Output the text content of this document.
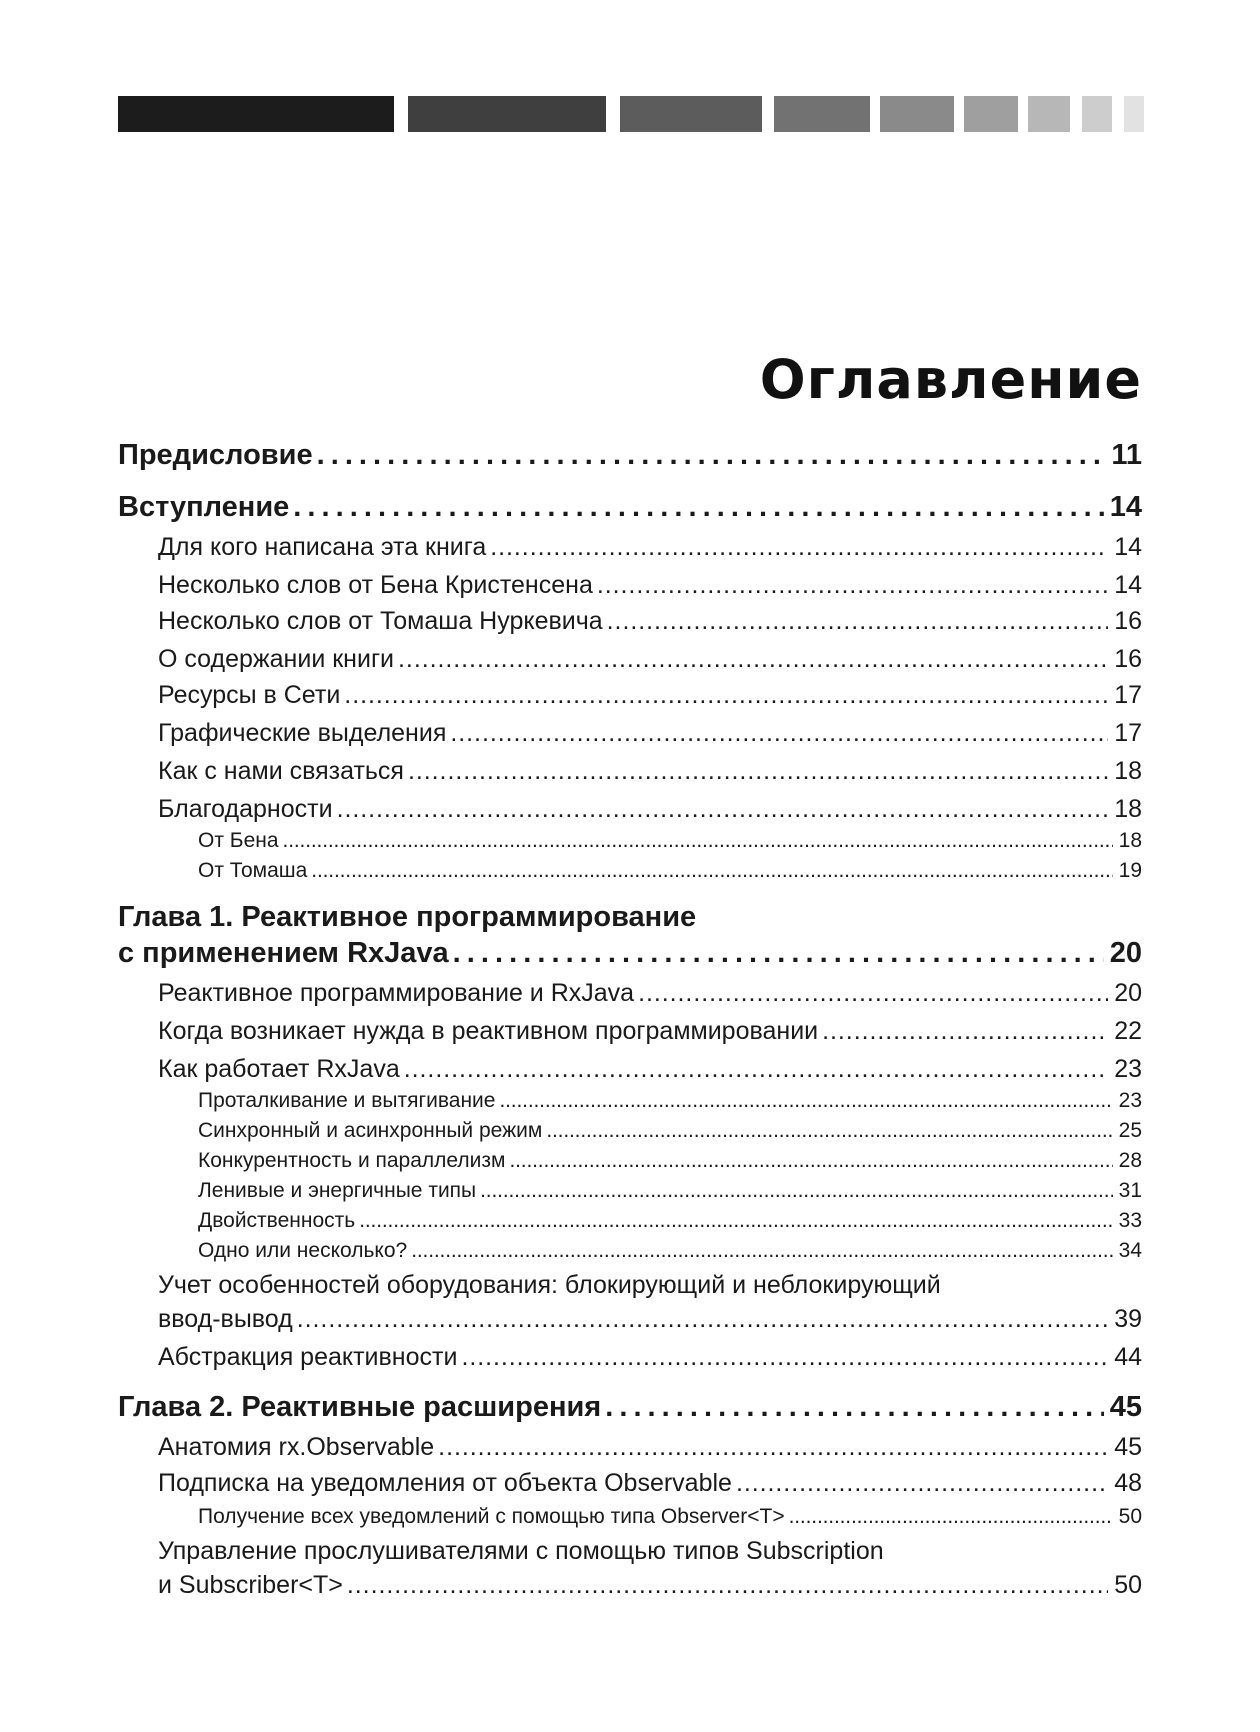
Оглавление
Предисловие . . .	11
Вступление . . .	14
Для кого написана эта книга . . .	14
Несколько слов от Бена Кристенсена . . .	14
Несколько слов от Томаша Нуркевича . . .	16
О содержании книги . . .	16
Ресурсы в Сети . . .	17
Графические выделения . . .	17
Как с нами связаться . . .	18
Благодарности . . .	18
От Бена . . .	18
От Томаша . . .	19
Глава 1. Реактивное программирование
с применением RxJava . . .	20
Реактивное программирование и RxJava . . .	20
Когда возникает нужда в реактивном программировании . . .	22
Как работает RxJava . . .	23
Проталкивание и вытягивание . . .	23
Синхронный и асинхронный режим . . .	25
Конкурентность и параллелизм . . .	28
Ленивые и энергичные типы . . .	31
Двойственность . . .	33
Одно или несколько? . . .	34
Учет особенностей оборудования: блокирующий и неблокирующий
ввод-вывод . . .	39
Абстракция реактивности . . .	44
Глава 2. Реактивные расширения . . .	45
Анатомия rx.Observable . . .	45
Подписка на уведомления от объекта Observable . . .	48
Получение всех уведомлений с помощью типа Observer<T> . . .	50
Управление прослушивателями с помощью типов Subscription
и Subscriber<T> . . .	50
